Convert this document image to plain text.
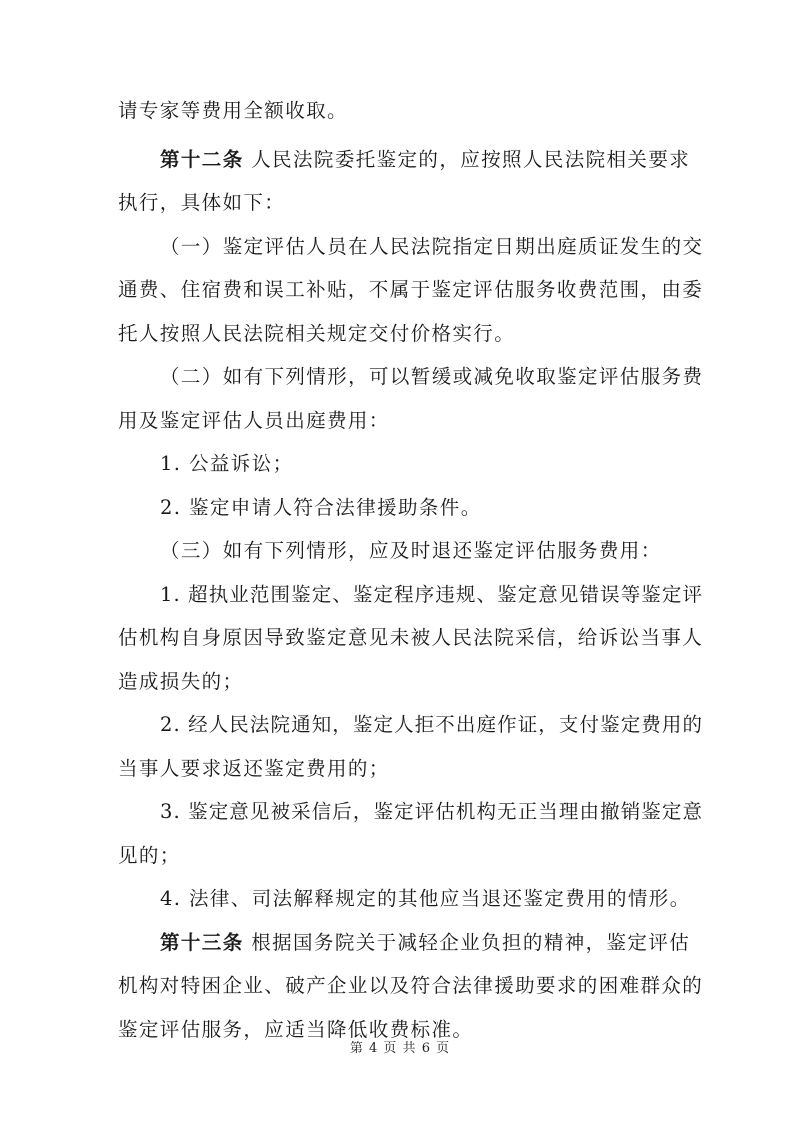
请专家等费用全额收取。
第十二条 人民法院委托鉴定的，应按照人民法院相关要求
执行，具体如下：
（一）鉴定评估人员在人民法院指定日期出庭质证发生的交
通费、住宿费和误工补贴，不属于鉴定评估服务收费范围，由委
托人按照人民法院相关规定交付价格实行。
（二）如有下列情形，可以暂缓或减免收取鉴定评估服务费
用及鉴定评估人员出庭费用：
1. 公益诉讼；
2. 鉴定申请人符合法律援助条件。
（三）如有下列情形，应及时退还鉴定评估服务费用：
1. 超执业范围鉴定、鉴定程序违规、鉴定意见错误等鉴定评
估机构自身原因导致鉴定意见未被人民法院采信，给诉讼当事人
造成损失的；
2. 经人民法院通知，鉴定人拒不出庭作证，支付鉴定费用的
当事人要求返还鉴定费用的；
3. 鉴定意见被采信后，鉴定评估机构无正当理由撤销鉴定意
见的；
4. 法律、司法解释规定的其他应当退还鉴定费用的情形。
第十三条 根据国务院关于减轻企业负担的精神，鉴定评估
机构对特困企业、破产企业以及符合法律援助要求的困难群众的
鉴定评估服务，应适当降低收费标准。
第 4 页 共 6 页
